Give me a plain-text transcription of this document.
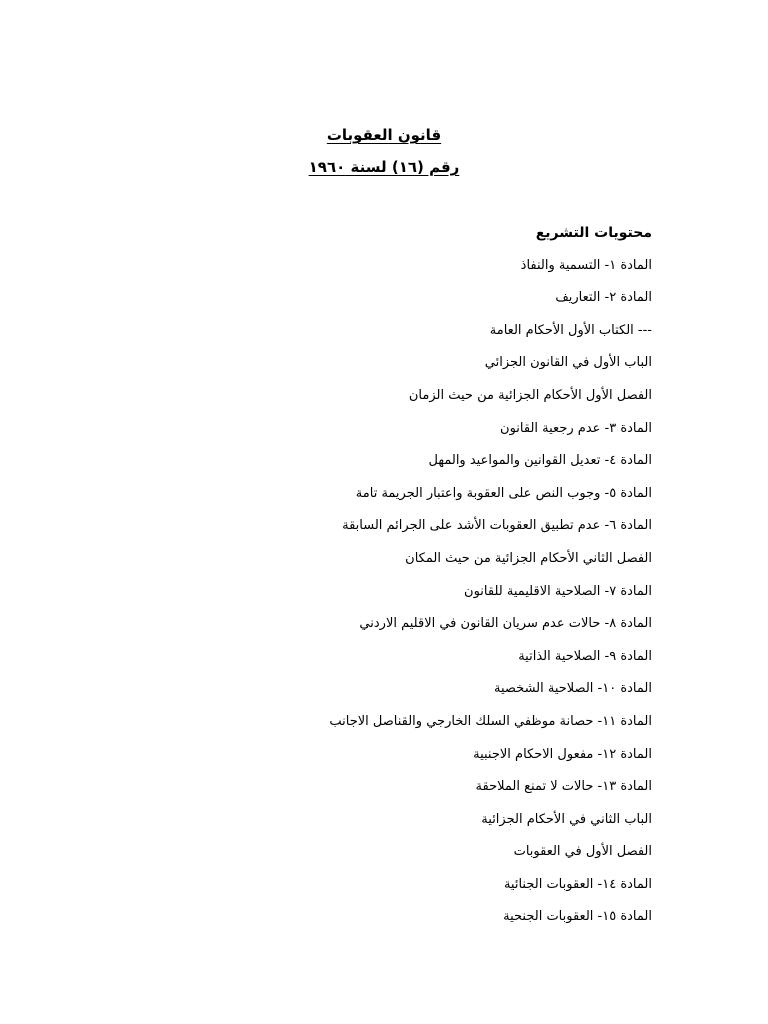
قانون العقوبات
رقم (١٦) لسنة ١٩٦٠
محتويات التشريع
المادة ١- التسمية والنفاذ
المادة ٢- التعاريف
--- الكتاب الأول الأحكام العامة
الباب الأول في القانون الجزائي
الفصل الأول الأحكام الجزائية من حيث الزمان
المادة ٣- عدم رجعية القانون
المادة ٤- تعديل القوانين والمواعيد والمهل
المادة ٥- وجوب النص على العقوبة واعتبار الجريمة تامة
المادة ٦- عدم تطبيق العقوبات الأشد على الجرائم السابقة
الفصل الثاني الأحكام الجزائية من حيث المكان
المادة ٧- الصلاحية الاقليمية للقانون
المادة ٨- حالات عدم سريان القانون في الاقليم الاردني
المادة ٩- الصلاحية الذاتية
المادة ١٠- الصلاحية الشخصية
المادة ١١- حصانة موظفي السلك الخارجي والقناصل الاجانب
المادة ١٢- مفعول الاحكام الاجنبية
المادة ١٣- حالات لا تمنع الملاحقة
الباب الثاني في الأحكام الجزائية
الفصل الأول في العقوبات
المادة ١٤- العقوبات الجنائية
المادة ١٥- العقوبات الجنحية
